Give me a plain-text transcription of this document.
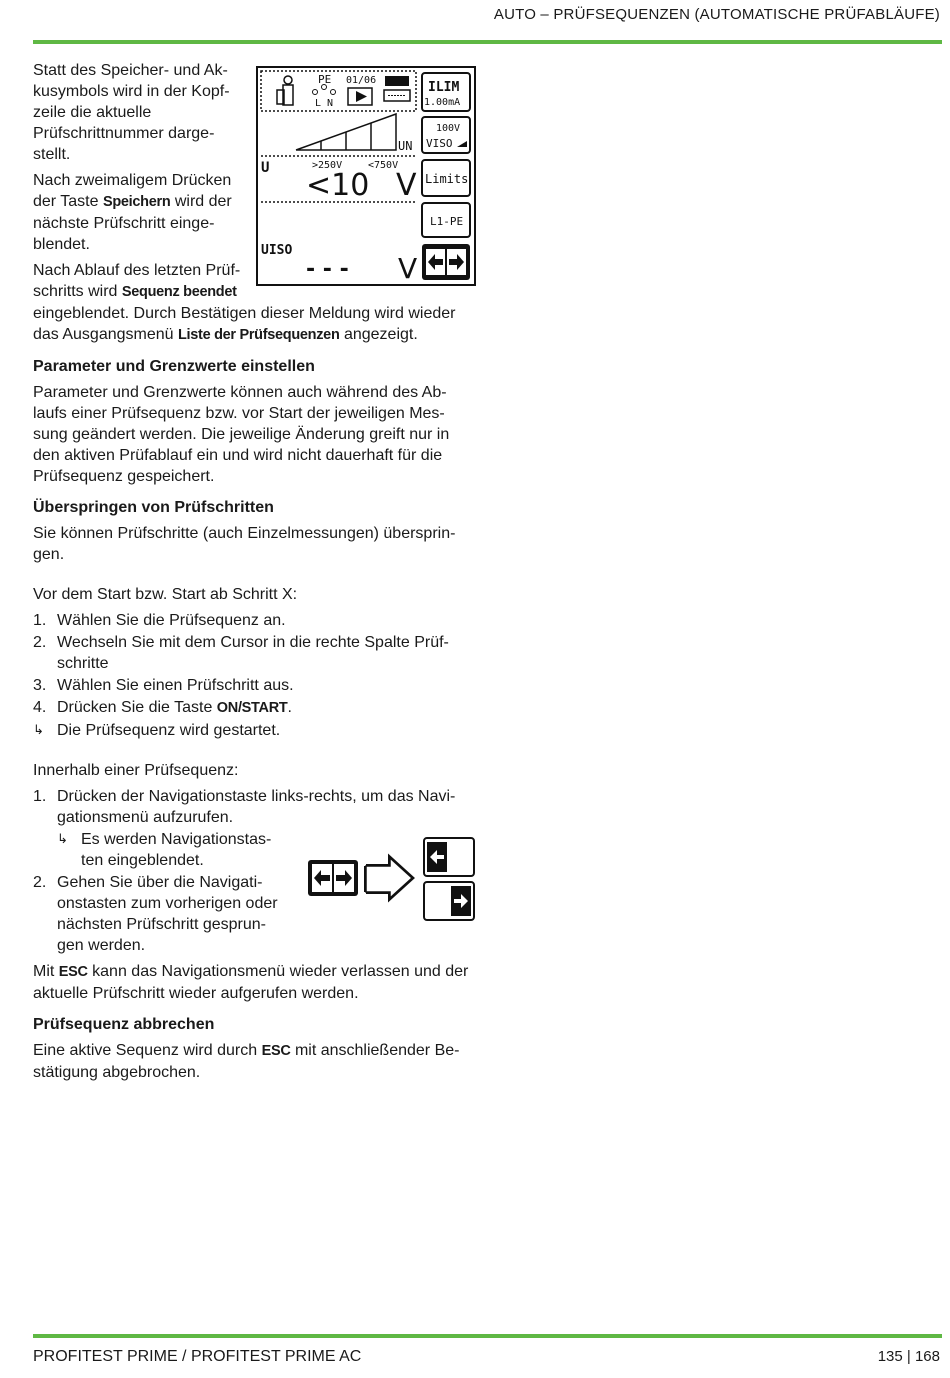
AUTO – PRÜFSEQUENZEN (AUTOMATISCHE PRÜFABLÄUFE)

Statt des Speicher- und Ak-
kusymbols wird in der Kopf-
zeile die aktuelle
Prüfschrittnummer darge-
stellt.

Nach zweimaligem Drücken
der Taste Speichern wird der
nächste Prüfschritt einge-
blendet.

Nach Ablauf des letzten Prüf-
schritts wird Sequenz beendet
eingeblendet. Durch Bestätigen dieser Meldung wird wieder
das Ausgangsmenü Liste der Prüfsequenzen angezeigt.

Parameter und Grenzwerte einstellen

Parameter und Grenzwerte können auch während des Ab-
laufs einer Prüfsequenz bzw. vor Start der jeweiligen Mes-
sung geändert werden. Die jeweilige Änderung greift nur in
den aktiven Prüfablauf ein und wird nicht dauerhaft für die
Prüfsequenz gespeichert.

Überspringen von Prüfschritten

Sie können Prüfschritte (auch Einzelmessungen) übersprin-
gen.

Vor dem Start bzw. Start ab Schritt X:

1. Wählen Sie die Prüfsequenz an.
2. Wechseln Sie mit dem Cursor in die rechte Spalte Prüf-
schritte
3. Wählen Sie einen Prüfschritt aus.
4. Drücken Sie die Taste ON/START.
↳ Die Prüfsequenz wird gestartet.

Innerhalb einer Prüfsequenz:

1. Drücken der Navigationstaste links-rechts, um das Navi-
gationsmenü aufzurufen.
↳ Es werden Navigationstas-
ten eingeblendet.
2. Gehen Sie über die Navigati-
onstasten zum vorherigen oder
nächsten Prüfschritt gesprun-
gen werden.

Mit ESC kann das Navigationsmenü wieder verlassen und der
aktuelle Prüfschritt wieder aufgerufen werden.

Prüfsequenz abbrechen

Eine aktive Sequenz wird durch ESC mit anschließender Be-
stätigung abgebrochen.

PE
L N
01/06	ILIM
1.00mA
UN
100V
VISO
U	>250V	<750V
<10 V Limits
L1-PE
UISO
- - - V
PROFITEST PRIME / PROFITEST PRIME AC	135 | 168
